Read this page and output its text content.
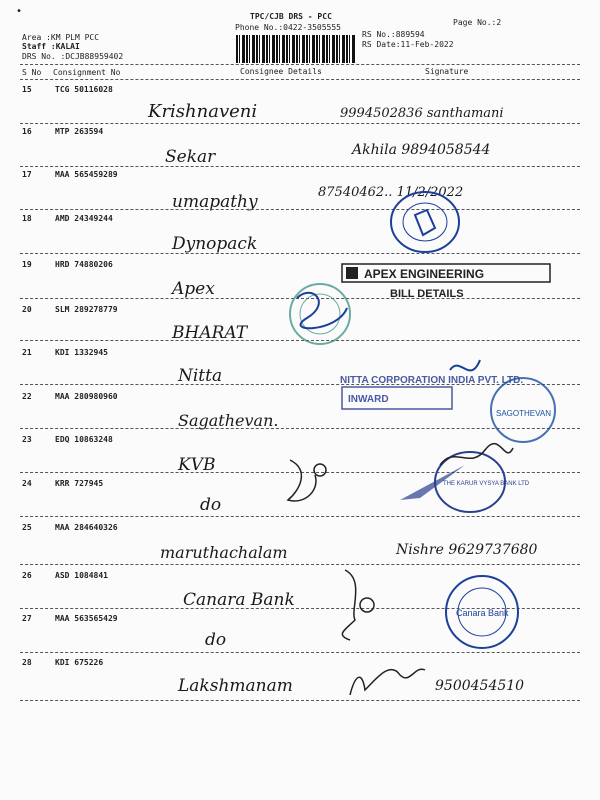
•	TPC/CJB DRS - PCC
Phone No.:0422-3505555
Page No.:2
Area :KM PLM PCC
Staff :KALAI
DRS No. :DCJB88959402
RS No.:889594
RS Date:11-Feb-2022
S No Consignment No	Consignee Details	Signature
15	TCG 50116028
Krishnaveni	9994502836 santhamani
16	MTP 263594
Sekar	Akhila 9894058544
17	MAA 565459289
umapathy	87540462.. 11/2/2022
18	AMD 24349244
Dynopack
19	HRD 74880206
Apex
20	SLM 289278779
BHARAT
21	KDI 1332945
Nitta
22	MAA 280980960
Sagathevan.
23	EDQ 10863248
KVB
24	KRR 727945
do
25	MAA 284640326
maruthachalam	Nishre 9629737680
26	ASD 1084841
Canara Bank
27	MAA 563565429
do
28	KDI 675226
Lakshmanam	9500454510
APEX ENGINEERING
BILL DETAILS
NITTA CORPORATION INDIA PVT. LTD.
INWARD
SAGOTHEVAN
THE KARUR VYSYA BANK LTD
Canara Bank
